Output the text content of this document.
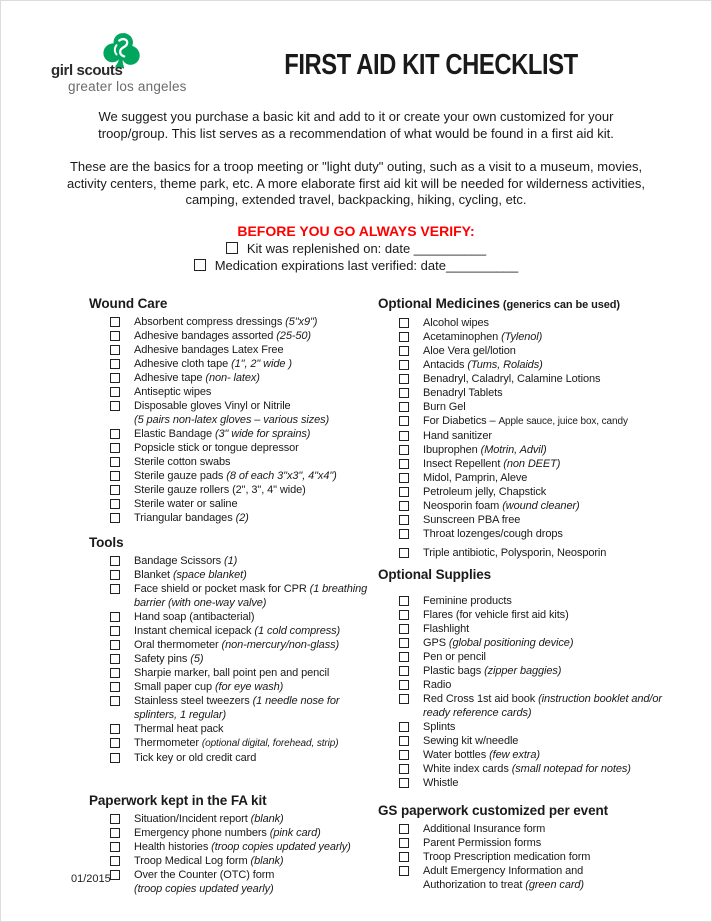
girl scouts
greater los angeles
FIRST AID KIT CHECKLIST

We suggest you purchase a basic kit and add to it or create your own customized for your troop/group. This list serves as a recommendation of what would be found in a first aid kit.

These are the basics for a troop meeting or "light duty" outing, such as a visit to a museum, movies, activity centers, theme park, etc. A more elaborate first aid kit will be needed for wilderness activities, camping, extended travel, backpacking, hiking, cycling, etc.

BEFORE YOU GO ALWAYS VERIFY:
Kit was replenished on: date __________
Medication expirations last verified: date__________
Wound Care
Absorbent compress dressings (5"x9")
Adhesive bandages assorted (25-50)
Adhesive bandages Latex Free
Adhesive cloth tape (1", 2" wide )
Adhesive tape (non- latex)
Antiseptic wipes
Disposable gloves Vinyl or Nitrile
(5 pairs non-latex gloves – various sizes)
Elastic Bandage (3" wide for sprains)
Popsicle stick or tongue depressor
Sterile cotton swabs
Sterile gauze pads (8 of each 3"x3", 4"x4")
Sterile gauze rollers (2", 3", 4" wide)
Sterile water or saline
Triangular bandages (2)
Tools
Bandage Scissors (1)
Blanket (space blanket)
Face shield or pocket mask for CPR (1 breathing barrier (with one-way valve)
Hand soap (antibacterial)
Instant chemical icepack (1 cold compress)
Oral thermometer (non-mercury/non-glass)
Safety pins (5)
Sharpie marker, ball point pen and pencil
Small paper cup (for eye wash)
Stainless steel tweezers (1 needle nose for splinters, 1 regular)
Thermal heat pack
Thermometer (optional digital, forehead, strip)
Tick key or old credit card
Paperwork kept in the FA kit
Situation/Incident report (blank)
Emergency phone numbers (pink card)
Health histories (troop copies updated yearly)
Troop Medical Log form (blank)
Over the Counter (OTC) form
(troop copies updated yearly)
Optional Medicines (generics can be used)
Alcohol wipes
Acetaminophen (Tylenol)
Aloe Vera gel/lotion
Antacids (Tums, Rolaids)
Benadryl, Caladryl, Calamine Lotions
Benadryl Tablets
Burn Gel
For Diabetics – Apple sauce, juice box, candy
Hand sanitizer
Ibuprophen (Motrin, Advil)
Insect Repellent (non DEET)
Midol, Pamprin, Aleve
Petroleum jelly, Chapstick
Neosporin foam (wound cleaner)
Sunscreen PBA free
Throat lozenges/cough drops
Triple antibiotic, Polysporin, Neosporin
Optional Supplies
Feminine products
Flares (for vehicle first aid kits)
Flashlight
GPS (global positioning device)
Pen or pencil
Plastic bags (zipper baggies)
Radio
Red Cross 1st aid book (instruction booklet and/or ready reference cards)
Splints
Sewing kit w/needle
Water bottles (few extra)
White index cards (small notepad for notes)
Whistle
GS paperwork customized per event
Additional Insurance form
Parent Permission forms
Troop Prescription medication form
Adult Emergency Information and
Authorization to treat (green card)
01/2015
